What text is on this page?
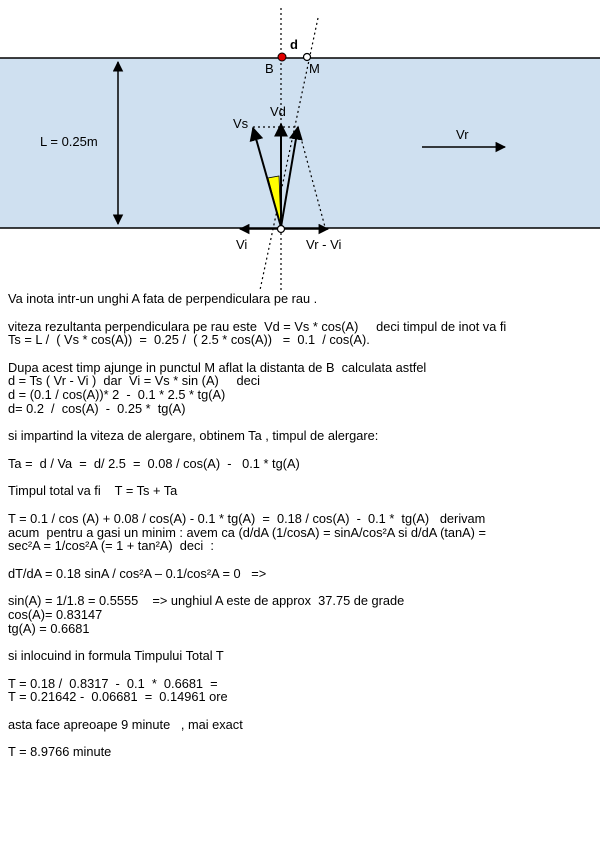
L = 0.25m	Vr
Vd
Vs
Vi	Vr - Vi
d
B	M

Va inota intr-un unghi A fata de perpendiculara pe rau .

viteza rezultanta perpendiculara pe rau este  Vd = Vs * cos(A)     deci timpul de inot va fi

Ts = L /  ( Vs * cos(A))  =  0.25 /  ( 2.5 * cos(A))   =  0.1  / cos(A).

Dupa acest timp ajunge in punctul M aflat la distanta de B  calculata astfel

d = Ts ( Vr - Vi )  dar  Vi = Vs * sin (A)     deci

d = (0.1 / cos(A))* 2  -  0.1 * 2.5 * tg(A)

d= 0.2  /  cos(A)  -  0.25 *  tg(A)

si impartind la viteza de alergare, obtinem Ta , timpul de alergare:

Ta =  d / Va  =  d/ 2.5  =  0.08 / cos(A)  -   0.1 * tg(A)

Timpul total va fi    T = Ts + Ta

T = 0.1 / cos (A) + 0.08 / cos(A) - 0.1 * tg(A)  =  0.18 / cos(A)  -  0.1 *  tg(A)   derivam

acum  pentru a gasi un minim : avem ca (d/dA (1/cosA) = sinA/cos²A si d/dA (tanA) =

sec²A = 1/cos²A (= 1 + tan²A)  deci  :

dT/dA = 0.18 sinA / cos²A – 0.1/cos²A = 0   =>

sin(A) = 1/1.8 = 0.5555    => unghiul A este de approx  37.75 de grade

cos(A)= 0.83147

tg(A) = 0.6681

si inlocuind in formula Timpului Total T

T = 0.18 /  0.8317  -  0.1  *  0.6681  =

T = 0.21642 -  0.06681  =  0.14961 ore

asta face apreoape 9 minute   , mai exact

T = 8.9766 minute
